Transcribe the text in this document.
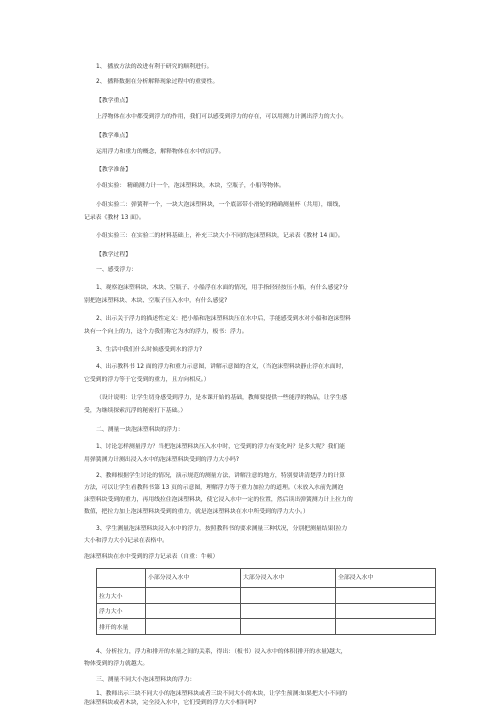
1、 播放方法的改进有利于研究的顺利进行。
2、 播释数据在分析解释现象过程中的重要性。
【教学重点】
上浮物体在水中都受到浮力的作用，我们可以感受到浮力的存在，可以用测力计测出浮力的大小。
【教学难点】
运用浮力和重力的概念，解释物体在水中的沉浮。
【教学准备】
小组实验： 精确测力计一个，泡沫塑料块，木块，空瓶子，小船等物体。
小组实验二：弹簧秤一个，一块大泡沫塑料块，一个底部带小滑轮的精确测量杯（共用），细线，
记录表《教材 13 面》。
小组实验三：在实验二的材料基础上，补充三块大小不同的泡沫塑料块，记录表《教材 14 面》。
【教学过程】
一、感受浮力：
1、观察泡沫塑料块、木块、空瓶子、小船浮在水面的情况，用手指轻轻按压小船，有什么感觉?分
别把泡沫塑料块、木块、空瓶子压入水中，有什么感觉?
2、出示关于浮力的描述性定义：把小船和泡沫塑料块压在水中后，手能感受到水对小船和泡沫塑料
块有一个向上的力，这个力我们称它为水的浮力，板书：浮力。
3、生活中我们什么时候感受到水的浮力?
4、出示教科书 12 面的浮力和重力示意图，讲解示意图的含义，（当泡沫塑料块静止浮在水面时，
它受到的浮力等于它受到的重力，且方向相反。）
（设计说明：让学生切身感受到浮力，是本课开始的基础，教师要提供一些能浮的物品，让学生感
受，为继续探索沉浮的秘密打下基础。）
二、测量一块泡沫塑料块的浮力：
1、讨论怎样测量浮力？当把泡沫塑料块压入水中时，它受到的浮力有变化吗？是多大呢？我们能
用弹簧测力计测出浸入水中的泡沫塑料块受到的浮力大小吗?
2、教师根据学生讨论的情况，演示规范的测量方法，讲解注意的地方，特别要讲清楚浮力的计算
方法，可以让学生看教科书第 13 页的示意图，理解浮力等于重力加拉力的道理。（末放入水前先测泡
沫塑料块受到的重力，再用线拉住泡沫塑料块，使它浸入水中一定的位置，然后读出弹簧测力计上拉力的
数值，把拉力加上泡沫塑料块受到的重力，就是泡沫塑料块在水中所受到的浮力大小。）
3、学生测量泡沫塑料块浸入水中的浮力，按照教科书的要求测量三种状况，分别把测量结果(拉力
大小和浮力大小)记录在表格中。
泡沫塑料块在水中受到的浮力记录表（自重：牛顿）
	小部分浸入水中	大部分浸入水中	全部浸入水中
拉力大小			
浮力大小			
排开的水量			
4、分析拉力，浮力和排开的水量之间的关系，得出：（板书）浸入水中的体积(排开的水量)越大，
物体受到的浮力就越大。
三、测量不同大小泡沫塑料块的浮力：
1、教师出示三块不同大小的泡沫塑料块或者三块不同大小的木块，让学生预测:如果把大小不同的
泡沫塑料块或者木块，完全浸入水中，它们受到的浮力大小相同吗?
